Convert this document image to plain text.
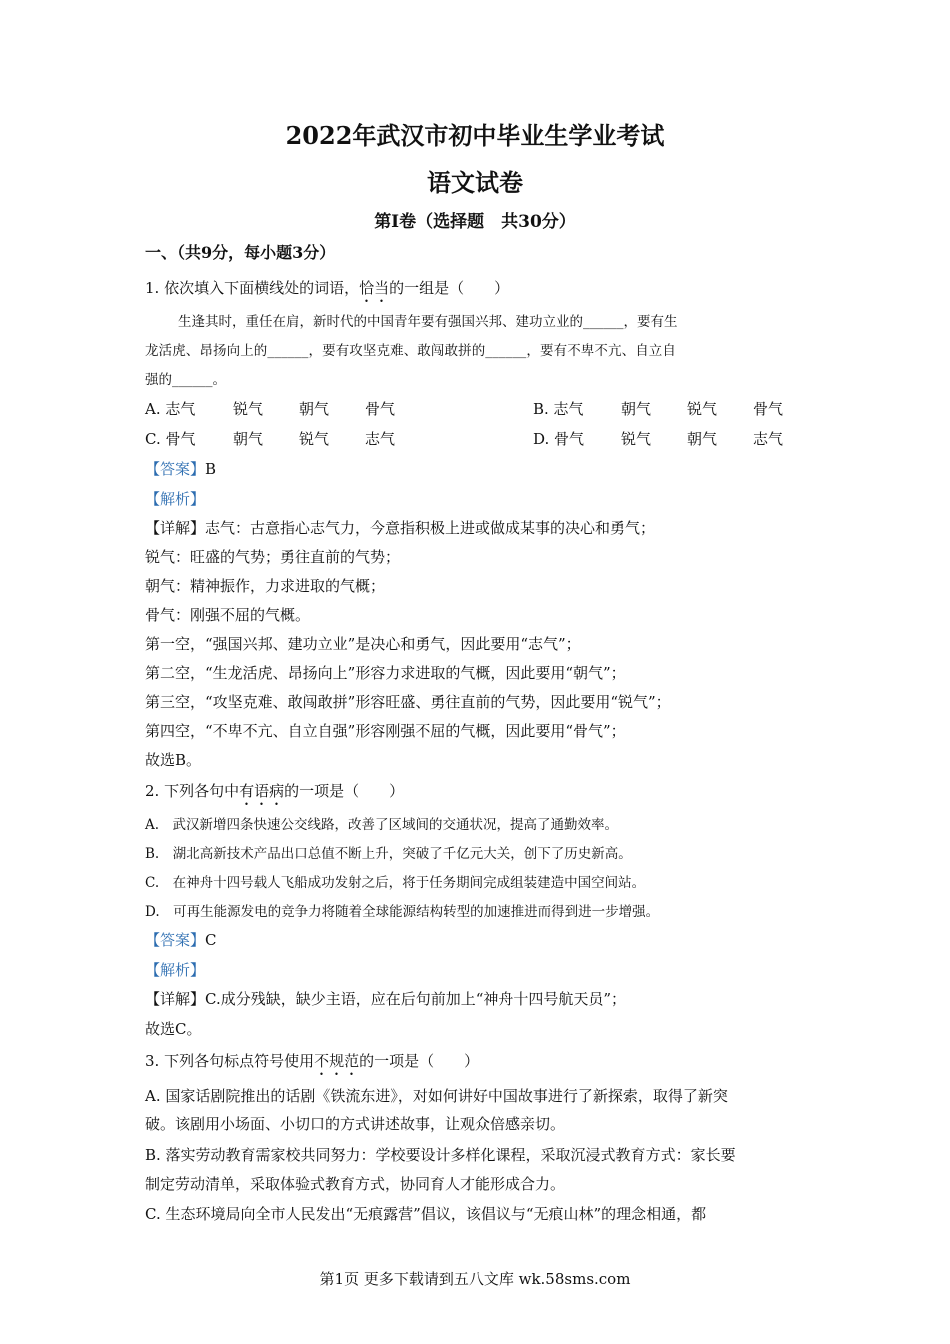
2022年武汉市初中毕业生学业考试
语文试卷
第Ⅰ卷（选择题　共30分）
一、（共9分，每小题3分）
1. 依次填入下面横线处的词语，恰当的一组是（　　）
生逢其时，重任在肩，新时代的中国青年要有强国兴邦、建功立业的______，要有生
龙活虎、昂扬向上的______，要有攻坚克难、敢闯敢拼的______，要有不卑不亢、自立自
强的______。
A. 志气	锐气 朝气 骨气	B. 志气 朝气 锐气 骨气
C. 骨气	朝气 锐气 志气	D. 骨气 锐气 朝气 志气
【答案】B
【解析】
【详解】志气：古意指心志气力，今意指积极上进或做成某事的决心和勇气；
锐气：旺盛的气势；勇往直前的气势；
朝气：精神振作，力求进取的气概；
骨气：刚强不屈的气概。
第一空，“强国兴邦、建功立业”是决心和勇气，因此要用“志气”；
第二空，“生龙活虎、昂扬向上”形容力求进取的气概，因此要用“朝气”；
第三空，“攻坚克难、敢闯敢拼”形容旺盛、勇往直前的气势，因此要用“锐气”；
第四空，“不卑不亢、自立自强”形容刚强不屈的气概，因此要用“骨气”；
故选B。
2. 下列各句中有语病的一项是（　　）
A.　武汉新增四条快速公交线路，改善了区域间的交通状况，提高了通勤效率。
B.　湖北高新技术产品出口总值不断上升，突破了千亿元大关，创下了历史新高。
C.　在神舟十四号载人飞船成功发射之后，将于任务期间完成组装建造中国空间站。
D.　可再生能源发电的竞争力将随着全球能源结构转型的加速推进而得到进一步增强。
【答案】C
【解析】
【详解】C.成分残缺，缺少主语，应在后句前加上“神舟十四号航天员”；
故选C。
3. 下列各句标点符号使用不规范的一项是（　　）
A. 国家话剧院推出的话剧《铁流东进》，对如何讲好中国故事进行了新探索，取得了新突
破。该剧用小场面、小切口的方式讲述故事，让观众倍感亲切。
B. 落实劳动教育需家校共同努力：学校要设计多样化课程，采取沉浸式教育方式：家长要
制定劳动清单，采取体验式教育方式，协同育人才能形成合力。
C. 生态环境局向全市人民发出“无痕露营”倡议，该倡议与“无痕山林”的理念相通，都
第1页 更多下载请到五八文库 wk.58sms.com
